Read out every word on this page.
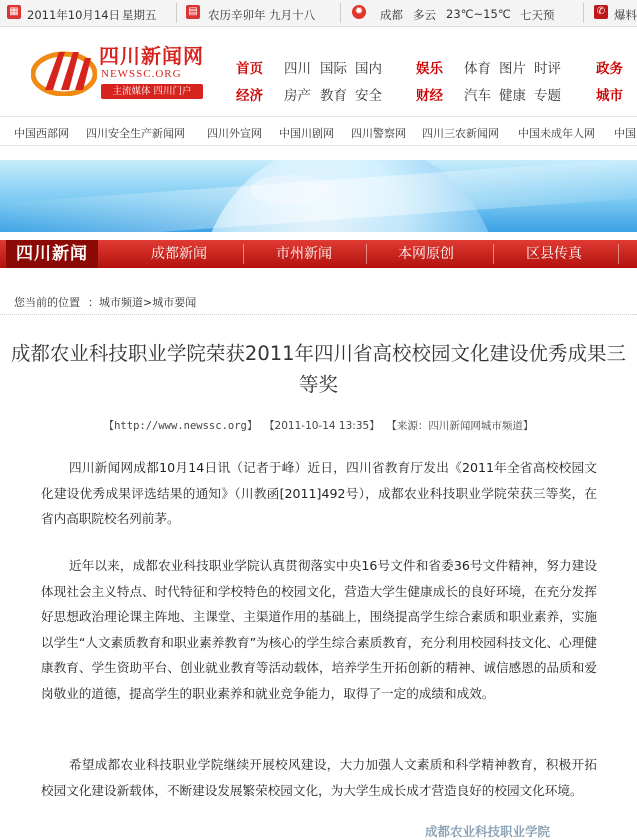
▦ 2011年10月14日 星期五	▤ 农历辛卯年 九月十八	✹ 成都 多云 23℃~15℃ 七天预	✆ 爆料
四川新闻网
NEWSSC.ORG
主流媒体 四川门户
首页 四川 国际 国内	娱乐 体育 图片 时评	政务
经济 房产 教育 安全	财经 汽车 健康 专题	城市
中国西部网 四川安全生产新闻网 四川外宣网 中国川剧网 四川警察网 四川三农新闻网 中国未成年人网 中国
四川新闻	成都新闻	市州新闻	本网原创	区县传真
您当前的位置 ：城市频道>城市要闻
成都农业科技职业学院荣获2011年四川省高校校园文化建设优秀成果三等奖
【http://www.newssc.org】 【2011-10-14 13:35】 【来源：四川新闻网城市频道】
四川新闻网成都10月14日讯（记者于峰）近日，四川省教育厅发出《2011年全省高校校园文化建设优秀成果评选结果的通知》（川教函[2011]492号），成都农业科技职业学院荣获三等奖，在省内高职院校名列前茅。
近年以来，成都农业科技职业学院认真贯彻落实中央16号文件和省委36号文件精神，努力建设体现社会主义特点、时代特征和学校特色的校园文化，营造大学生健康成长的良好环境，在充分发挥好思想政治理论课主阵地、主课堂、主渠道作用的基础上，围绕提高学生综合素质和职业素养，实施以学生“人文素质教育和职业素养教育”为核心的学生综合素质教育，充分利用校园科技文化、心理健康教育、学生资助平台、创业就业教育等活动载体，培养学生开拓创新的精神、诚信感恩的品质和爱岗敬业的道德，提高学生的职业素养和就业竞争能力，取得了一定的成绩和成效。
希望成都农业科技职业学院继续开展校风建设，大力加强人文素质和科学精神教育，积极开拓校园文化建设新载体，不断建设发展繁荣校园文化，为大学生成长成才营造良好的校园文化环境。
成都农业科技职业学院
